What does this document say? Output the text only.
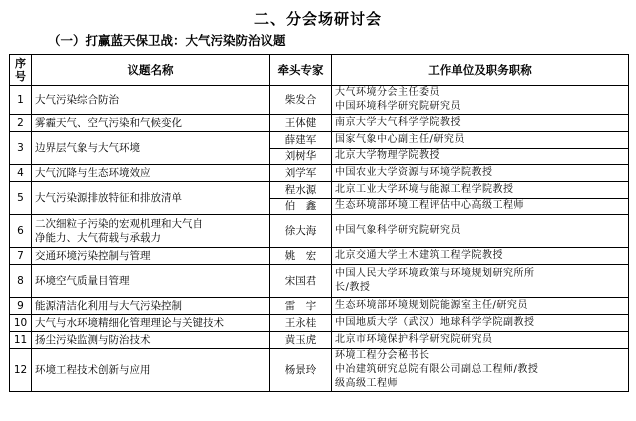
二、分会场研讨会
（一）打赢蓝天保卫战：大气污染防治议题
序号	议题名称	牵头专家	工作单位及职务职称
1	大气污染综合防治	柴发合	大气环境分会主任委员
中国环境科学研究院研究员

2	雾霾天气、空气污染和气候变化	王体健	南京大学大气科学学院教授

3	边界层气象与大气环境	薛建军	国家气象中心副主任/研究员

		刘树华	北京大学物理学院教授

4	大气沉降与生态环境效应	刘学军	中国农业大学资源与环境学院教授

5	大气污染源排放特征和排放清单	程水源	北京工业大学环境与能源工程学院教授

		伯　鑫	生态环境部环境工程评估中心高级工程师

6	二次细粒子污染的宏观机理和大气自
净能力、大气荷载与承载力	徐大海	中国气象科学研究院研究员

7	交通环境污染控制与管理	姚　宏	北京交通大学土木建筑工程学院教授

8	环境空气质量目管理	宋国君	中国人民大学环境政策与环境规划研究所所
长/教授

9	能源清洁化利用与大气污染控制	雷　宇	生态环境部环境规划院能源室主任/研究员

10	大气与水环境精细化管理理论与关键技术	王永桂	中国地质大学（武汉）地球科学学院副教授

11	扬尘污染监测与防治技术	黄玉虎	北京市环境保护科学研究院研究员

12	环境工程技术创新与应用	杨景玲	环境工程分会秘书长
中冶建筑研究总院有限公司副总工程师/教授
级高级工程师
